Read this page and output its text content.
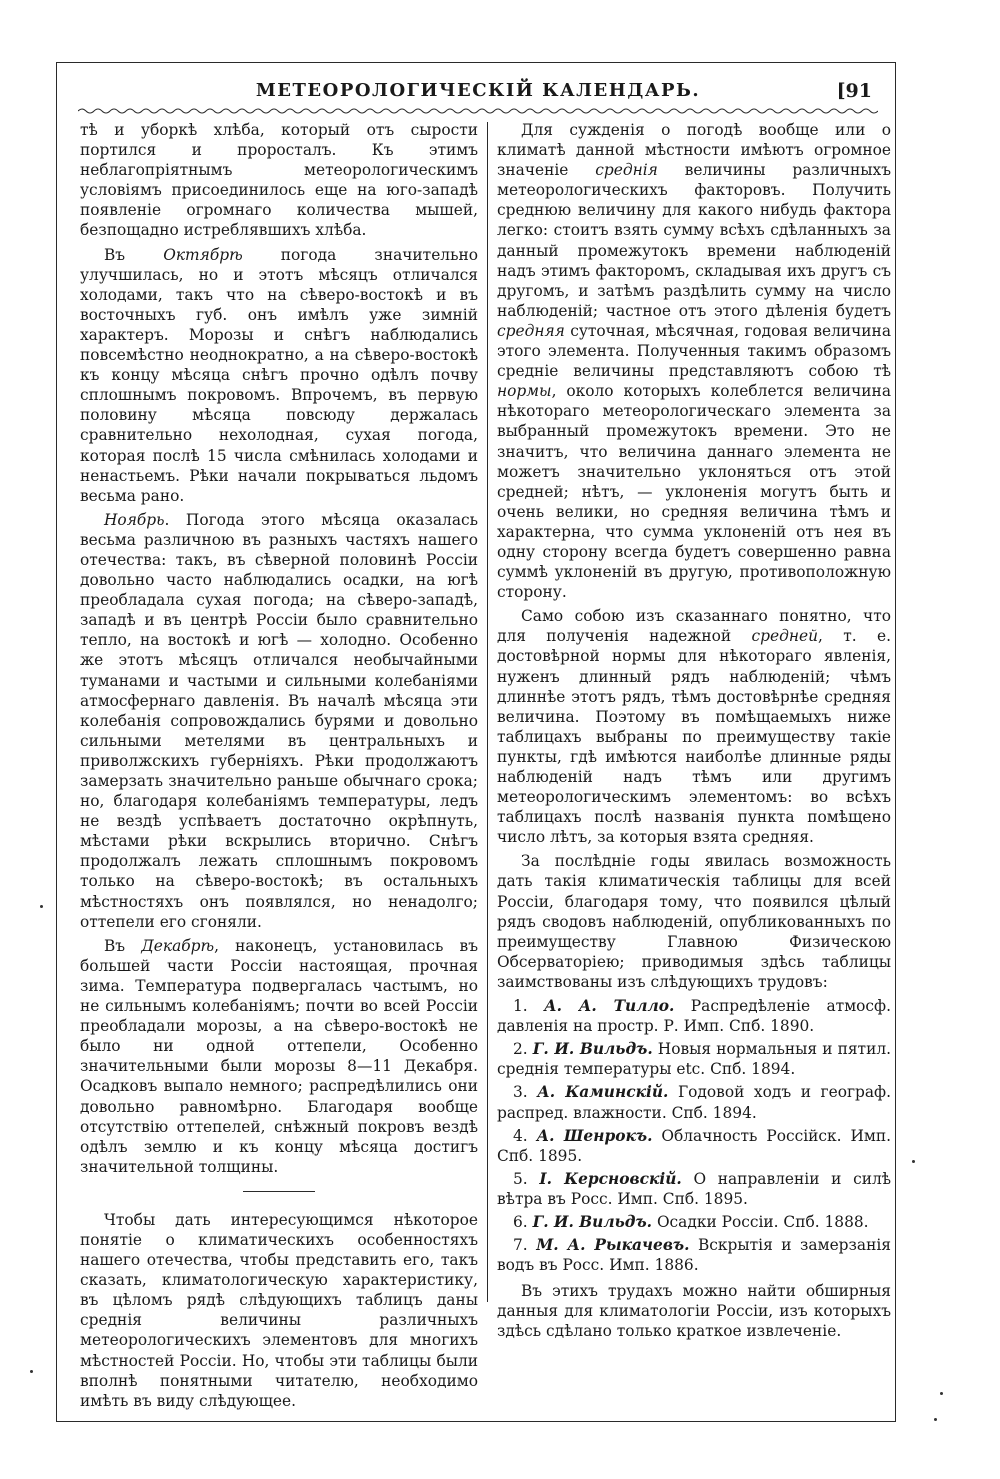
МЕТЕОРОЛОГИЧЕСКІЙ КАЛЕНДАРЬ.	[91

тѣ и уборкѣ хлѣба, который отъ сырости портился и проросталъ. Къ этимъ неблагопріятнымъ метеорологическимъ условіямъ присоединилось еще на юго-западѣ появленіе огромнаго количества мышей, безпощадно истреблявшихъ хлѣба.

Въ Октябрѣ погода значительно улучшилась, но и этотъ мѣсяцъ отличался холодами, такъ что на сѣверо-востокѣ и въ восточныхъ губ. онъ имѣлъ уже зимній характеръ. Морозы и снѣгъ наблюдались повсемѣстно неоднократно, а на сѣверо-востокѣ къ концу мѣсяца снѣгъ прочно одѣлъ почву сплошнымъ покровомъ. Впрочемъ, въ первую половину мѣсяца повсюду держалась сравнительно нехолодная, сухая погода, которая послѣ 15 числа смѣнилась холодами и ненастьемъ. Рѣки начали покрываться льдомъ весьма рано.

Ноябрь. Погода этого мѣсяца оказалась весьма различною въ разныхъ частяхъ нашего отечества: такъ, въ сѣверной половинѣ Россіи довольно часто наблюдались осадки, на югѣ преобладала сухая погода; на сѣверо-западѣ, западѣ и въ центрѣ Россіи было сравнительно тепло, на востокѣ и югѣ — холодно. Особенно же этотъ мѣсяцъ отличался необычайными туманами и частыми и сильными колебаніями атмосфернаго давленія. Въ началѣ мѣсяца эти колебанія сопровождались бурями и довольно сильными метелями въ центральныхъ и приволжскихъ губерніяхъ. Рѣки продолжаютъ замерзать значительно раньше обычнаго срока; но, благодаря колебаніямъ температуры, ледъ не вездѣ успѣваетъ достаточно окрѣпнуть, мѣстами рѣки вскрылись вторично. Снѣгъ продолжалъ лежать сплошнымъ покровомъ только на сѣверо-востокѣ; въ остальныхъ мѣстностяхъ онъ появлялся, но ненадолго; оттепели его сгоняли.

Въ Декабрѣ, наконецъ, установилась въ большей части Россіи настоящая, прочная зима. Температура подвергалась частымъ, но не сильнымъ колебаніямъ; почти во всей Россіи преобладали морозы, а на сѣверо-востокѣ не было ни одной оттепели, Особенно значительными были морозы 8—11 Декабря. Осадковъ выпало немного; распредѣлились они довольно равномѣрно. Благодаря вообще отсутствію оттепелей, снѣжный покровъ вездѣ одѣлъ землю и къ концу мѣсяца достигъ значительной толщины.

Чтобы дать интересующимся нѣкоторое понятіе о климатическихъ особенностяхъ нашего отечества, чтобы представить его, такъ сказать, климатологическую характеристику, въ цѣломъ рядѣ слѣдующихъ таблицъ даны среднія величины различныхъ метеорологическихъ элементовъ для многихъ мѣстностей Россіи. Но, чтобы эти таблицы были вполнѣ понятными читателю, необходимо имѣть въ виду слѣдующее.

Для сужденія о погодѣ вообще или о климатѣ данной мѣстности имѣютъ огромное значеніе среднія величины различныхъ метеорологическихъ факторовъ. Получить среднюю величину для какого нибудь фактора легко: стоитъ взять сумму всѣхъ сдѣланныхъ за данный промежутокъ времени наблюденій надъ этимъ факторомъ, складывая ихъ другъ съ другомъ, и затѣмъ раздѣлить сумму на число наблюденій; частное отъ этого дѣленія будетъ средняя суточная, мѣсячная, годовая величина этого элемента. Полученныя такимъ образомъ средніе величины представляютъ собою тѣ нормы, около которыхъ колеблется величина нѣкотораго метеорологическаго элемента за выбранный промежутокъ времени. Это не значитъ, что величина даннаго элемента не можетъ значительно уклоняться отъ этой средней; нѣтъ, — уклоненія могутъ быть и очень велики, но средняя величина тѣмъ и характерна, что сумма уклоненій отъ нея въ одну сторону всегда будетъ совершенно равна суммѣ уклоненій въ другую, противоположную сторону.

Само собою изъ сказаннаго понятно, что для полученія надежной средней, т. е. достовѣрной нормы для нѣкотораго явленія, нуженъ длинный рядъ наблюденій; чѣмъ длиннѣе этотъ рядъ, тѣмъ достовѣрнѣе средняя величина. Поэтому въ помѣщаемыхъ ниже таблицахъ выбраны по преимуществу такіе пункты, гдѣ имѣются наиболѣе длинные ряды наблюденій надъ тѣмъ или другимъ метеорологическимъ элементомъ: во всѣхъ таблицахъ послѣ названія пункта помѣщено число лѣтъ, за которыя взята средняя.

За послѣдніе годы явилась возможность дать такія климатическія таблицы для всей Россіи, благодаря тому, что появился цѣлый рядъ сводовъ наблюденій, опубликованныхъ по преимуществу Главною Физическою Обсерваторіею; приводимыя здѣсь таблицы заимствованы изъ слѣдующихъ трудовъ:

1. А. А. Тилло. Распредѣленіе атмосф. давленія на простр. Р. Имп. Спб. 1890.
2. Г. И. Вильдъ. Новыя нормальныя и пятил. среднія температуры etc. Спб. 1894.
3. А. Каминскій. Годовой ходъ и географ. распред. влажности. Спб. 1894.
4. А. Шенрокъ. Облачность Россійск. Имп. Спб. 1895.
5. І. Керсновскій. О направленіи и силѣ вѣтра въ Росс. Имп. Спб. 1895.
6. Г. И. Вильдъ. Осадки Россіи. Спб. 1888.
7. М. А. Рыкачевъ. Вскрытія и замерзанія водъ въ Росс. Имп. 1886.

Въ этихъ трудахъ можно найти обширныя данныя для климатологіи Россіи, изъ которыхъ здѣсь сдѣлано только краткое извлеченіе.
